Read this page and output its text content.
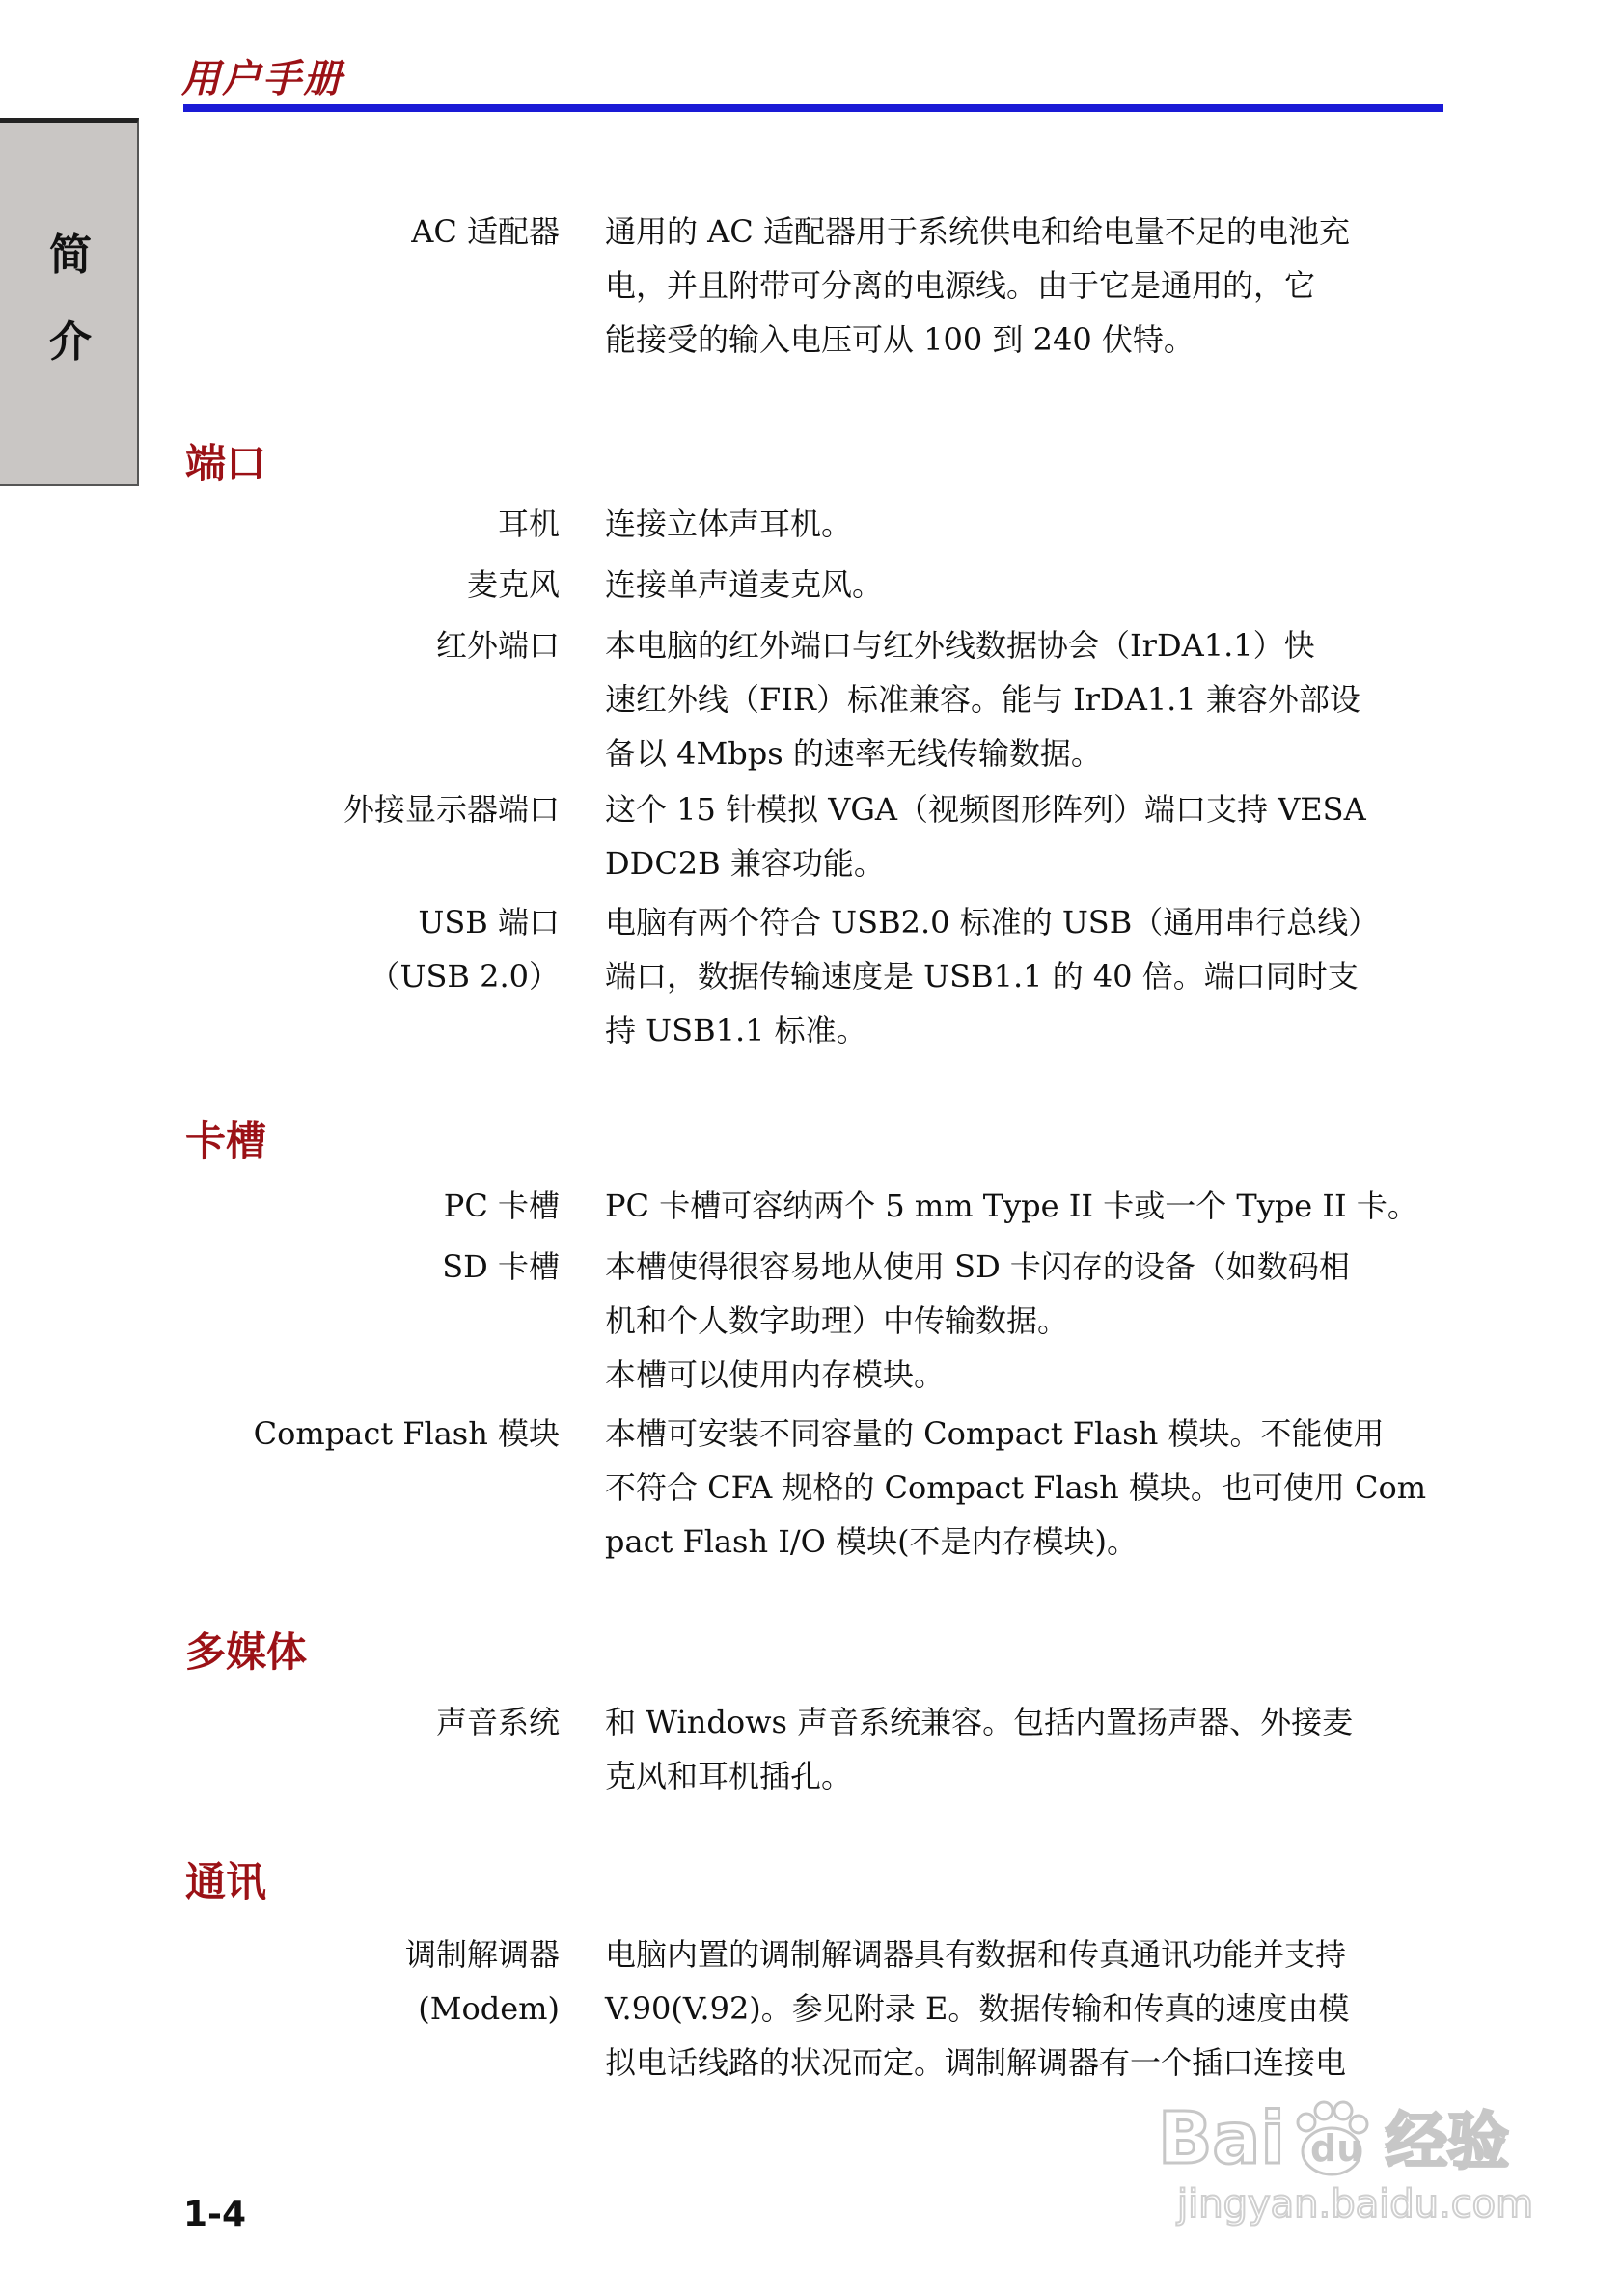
用户手册
简
介
AC 适配器 通用的 AC 适配器用于系统供电和给电量不足的电池充
电，并且附带可分离的电源线。由于它是通用的，它
能接受的输入电压可从 100 到 240 伏特。
端口
耳机 连接立体声耳机。
麦克风 连接单声道麦克风。
红外端口 本电脑的红外端口与红外线数据协会（IrDA1.1）快
速红外线（FIR）标准兼容。能与 IrDA1.1 兼容外部设
备以 4Mbps 的速率无线传输数据。
外接显示器端口 这个 15 针模拟 VGA（视频图形阵列）端口支持 VESA
DDC2B 兼容功能。
USB 端口
（USB 2.0）
电脑有两个符合 USB2.0 标准的 USB（通用串行总线）
端口，数据传输速度是 USB1.1 的 40 倍。端口同时支
持 USB1.1 标准。
卡槽
PC 卡槽 PC 卡槽可容纳两个 5 mm Type II 卡或一个 Type II 卡。
SD 卡槽 本槽使得很容易地从使用 SD 卡闪存的设备（如数码相
机和个人数字助理）中传输数据。
本槽可以使用内存模块。
Compact Flash 模块 本槽可安装不同容量的 Compact Flash 模块。不能使用
不符合 CFA 规格的 Compact Flash 模块。也可使用 Com
pact Flash I/O 模块(不是内存模块)。
多媒体
声音系统 和 Windows 声音系统兼容。包括内置扬声器、外接麦
克风和耳机插孔。
通讯
调制解调器
(Modem)
电脑内置的调制解调器具有数据和传真通讯功能并支持
V.90(V.92)。参见附录 E。数据传输和传真的速度由模
拟电话线路的状况而定。调制解调器有一个插口连接电
1-4
Bai du 经验
jingyan.baidu.com
